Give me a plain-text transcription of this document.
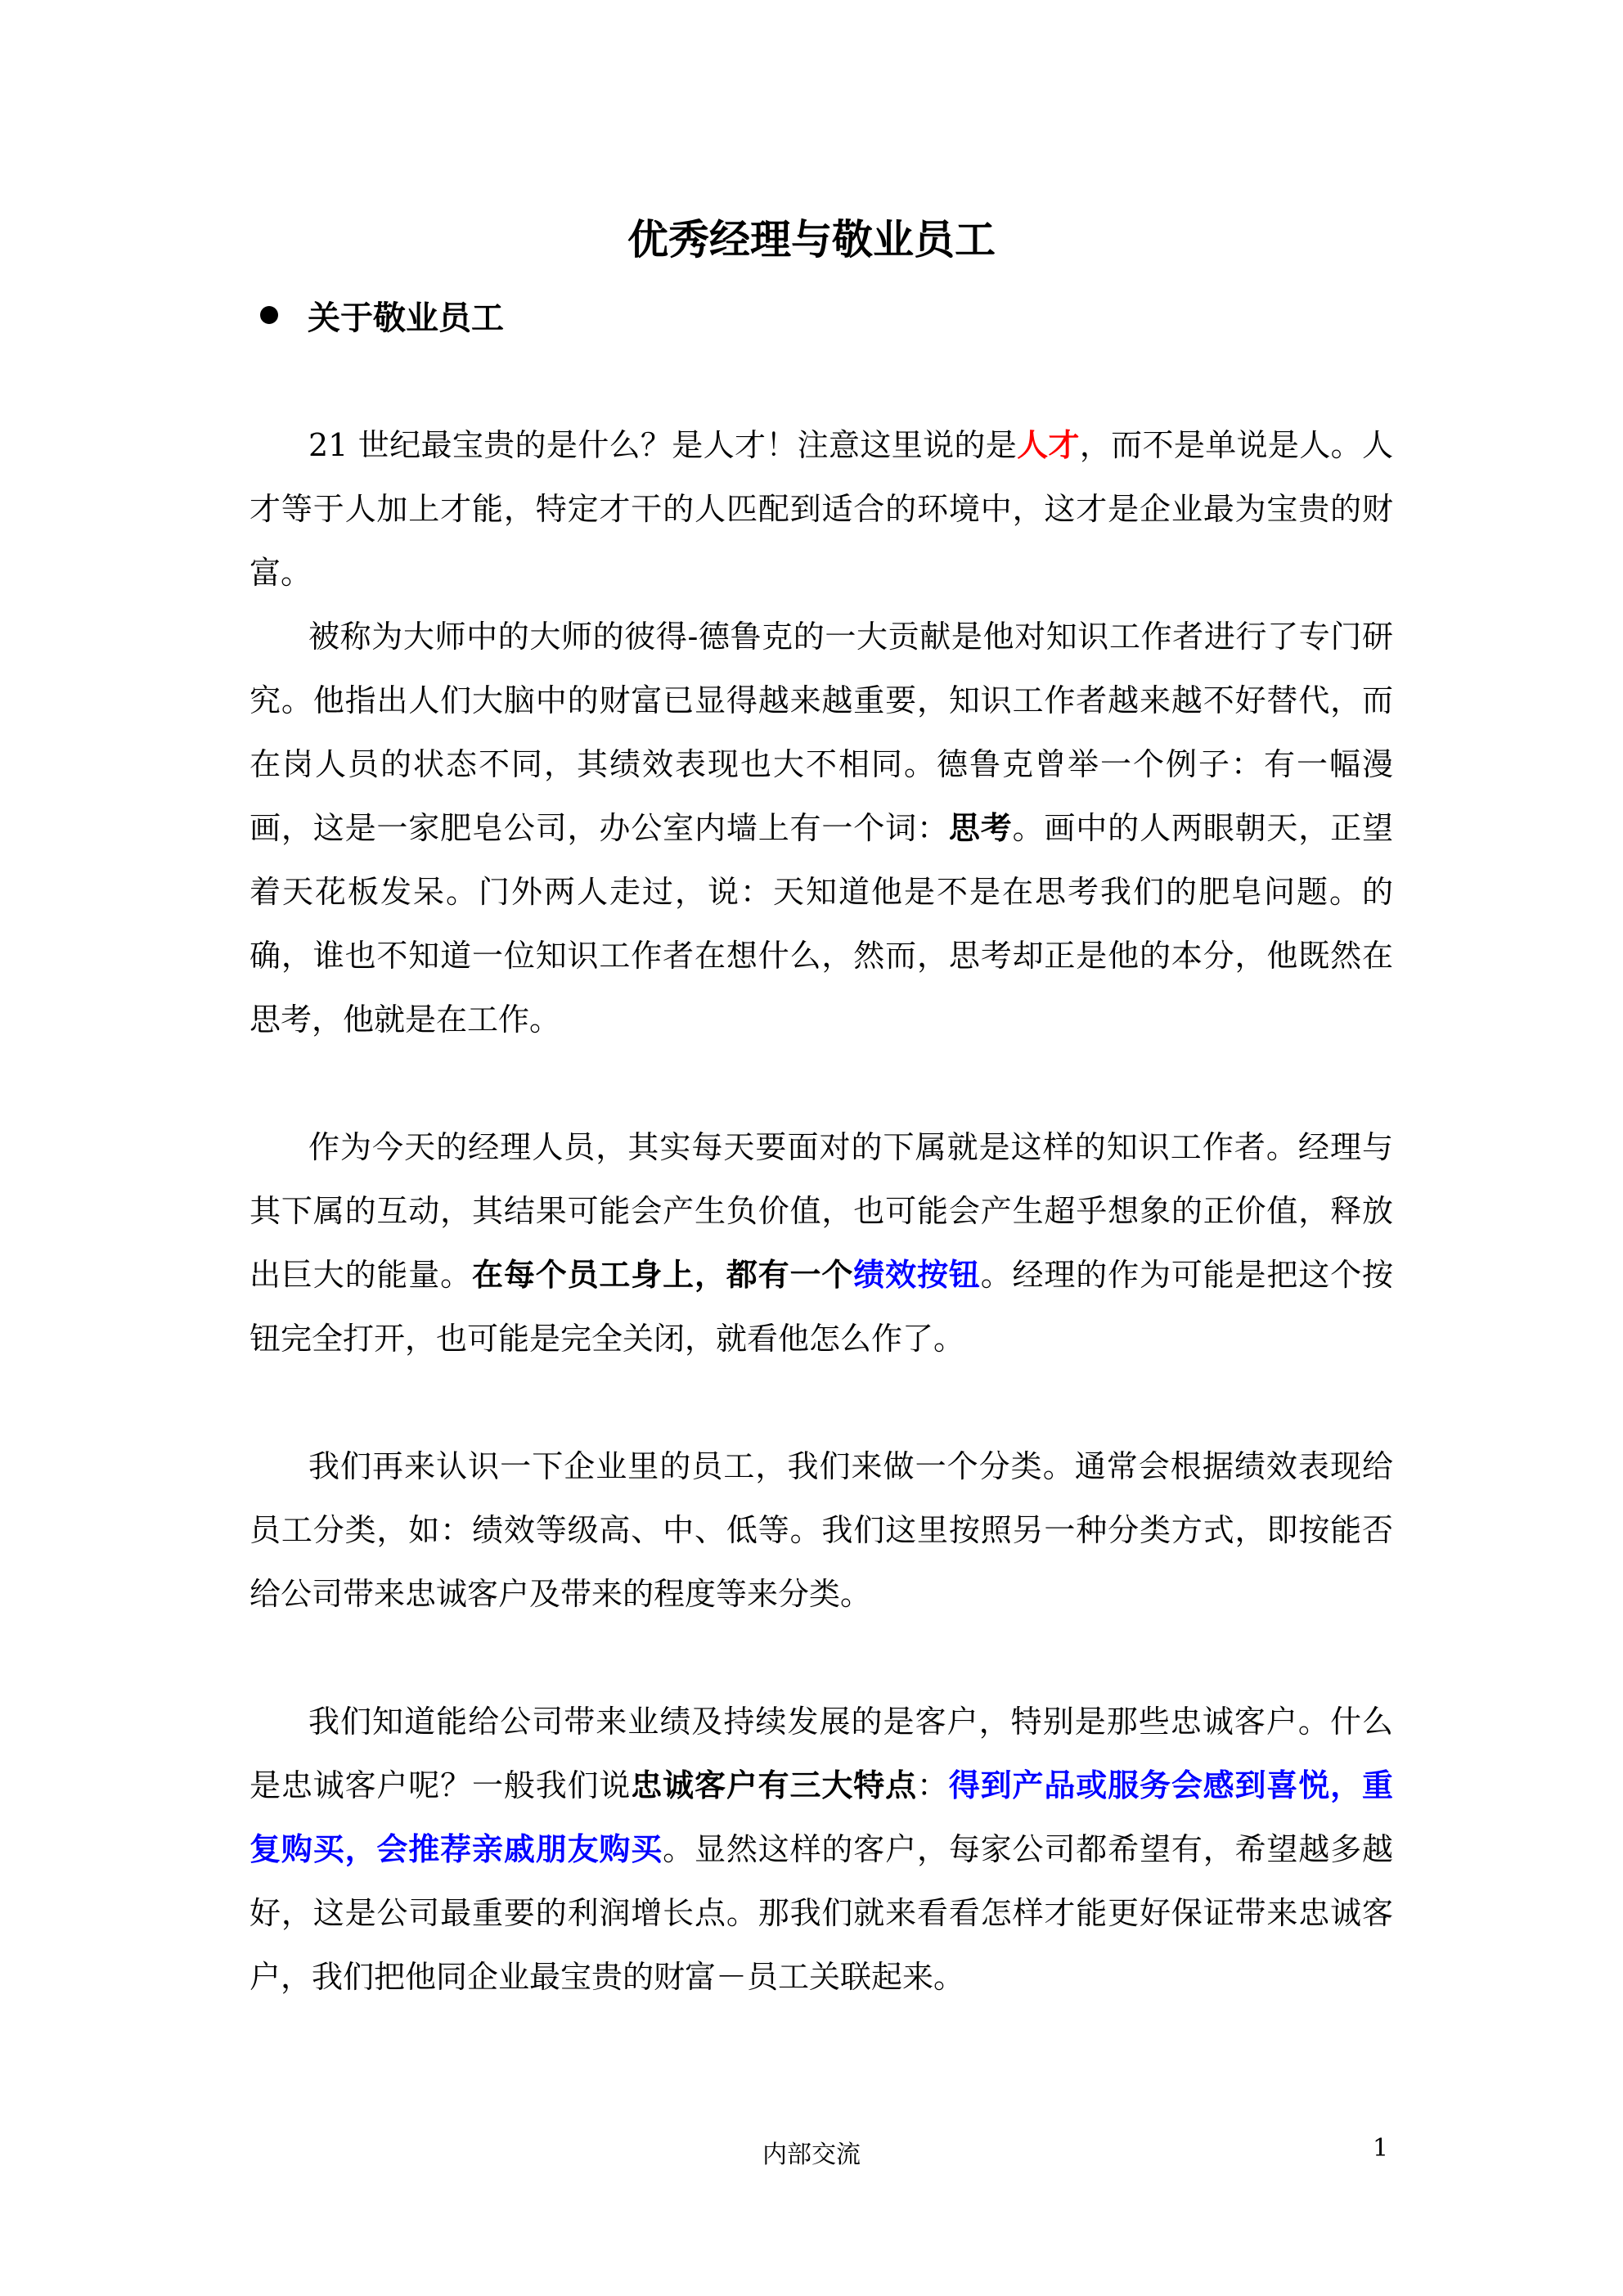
优秀经理与敬业员工
关于敬业员工

21 世纪最宝贵的是什么？是人才！注意这里说的是人才，而不是单说是人。人才等于人加上才能，特定才干的人匹配到适合的环境中，这才是企业最为宝贵的财富。

被称为大师中的大师的彼得-德鲁克的一大贡献是他对知识工作者进行了专门研究。他指出人们大脑中的财富已显得越来越重要，知识工作者越来越不好替代，而在岗人员的状态不同，其绩效表现也大不相同。德鲁克曾举一个例子：有一幅漫画，这是一家肥皂公司，办公室内墙上有一个词：思考。画中的人两眼朝天，正望着天花板发呆。门外两人走过，说：天知道他是不是在思考我们的肥皂问题。的确，谁也不知道一位知识工作者在想什么，然而，思考却正是他的本分，他既然在思考，他就是在工作。

作为今天的经理人员，其实每天要面对的下属就是这样的知识工作者。经理与其下属的互动，其结果可能会产生负价值，也可能会产生超乎想象的正价值，释放出巨大的能量。在每个员工身上，都有一个绩效按钮。经理的作为可能是把这个按钮完全打开，也可能是完全关闭，就看他怎么作了。

我们再来认识一下企业里的员工，我们来做一个分类。通常会根据绩效表现给员工分类，如：绩效等级高、中、低等。我们这里按照另一种分类方式，即按能否给公司带来忠诚客户及带来的程度等来分类。

我们知道能给公司带来业绩及持续发展的是客户，特别是那些忠诚客户。什么是忠诚客户呢？一般我们说忠诚客户有三大特点：得到产品或服务会感到喜悦，重复购买，会推荐亲戚朋友购买。显然这样的客户，每家公司都希望有，希望越多越好，这是公司最重要的利润增长点。那我们就来看看怎样才能更好保证带来忠诚客户，我们把他同企业最宝贵的财富－员工关联起来。

内部交流	1
